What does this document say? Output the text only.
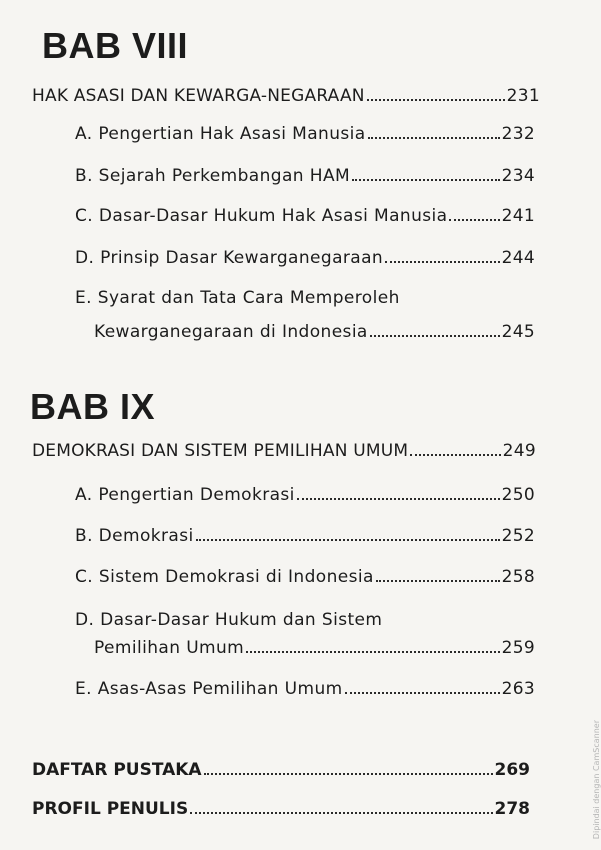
BAB VIII
HAK ASASI DAN KEWARGA-NEGARAAN	231
A. Pengertian Hak Asasi Manusia	232
B. Sejarah Perkembangan HAM	234
C. Dasar-Dasar Hukum Hak Asasi Manusia	241
D. Prinsip Dasar Kewarganegaraan	244
E. Syarat dan Tata Cara Memperoleh
Kewarganegaraan di Indonesia	245
BAB IX
DEMOKRASI DAN SISTEM PEMILIHAN UMUM	249
A. Pengertian Demokrasi	250
B. Demokrasi	252
C. Sistem Demokrasi di Indonesia	258
D. Dasar-Dasar Hukum dan Sistem
Pemilihan Umum	259
E. Asas-Asas Pemilihan Umum	263
DAFTAR PUSTAKA	269
PROFIL PENULIS	278	Dipindai dengan CamScanner
